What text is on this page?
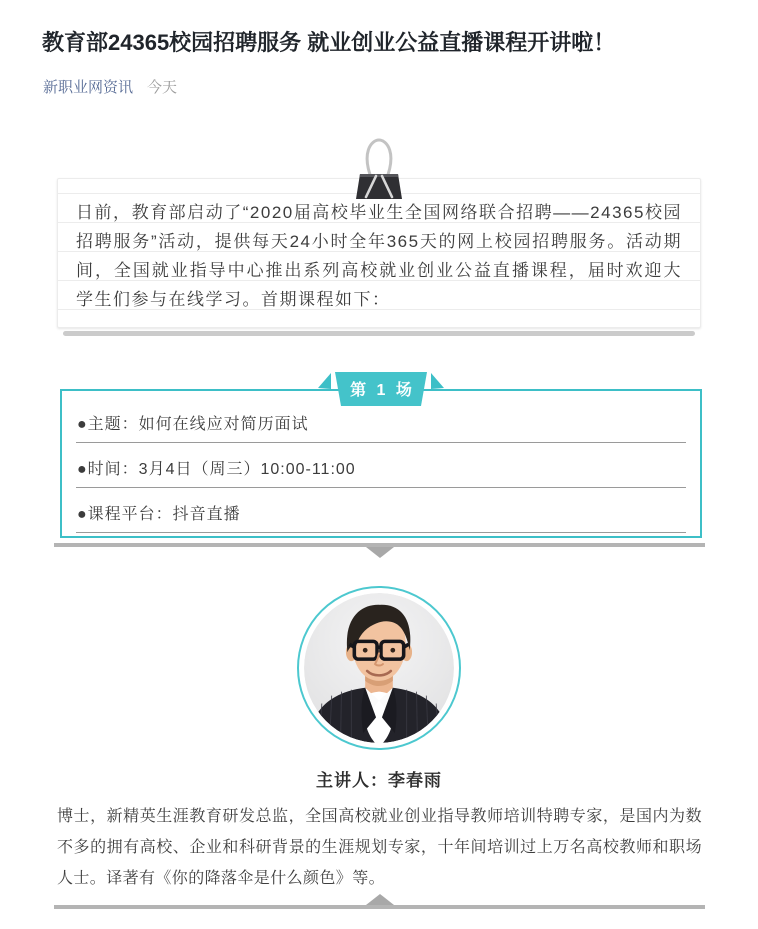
教育部24365校园招聘服务 就业创业公益直播课程开讲啦！
新职业网资讯 今天

日前，教育部启动了“2020届高校毕业生全国网络联合招聘——24365校园招聘服务”活动，提供每天24小时全年365天的网上校园招聘服务。活动期间，全国就业指导中心推出系列高校就业创业公益直播课程，届时欢迎大学生们参与在线学习。首期课程如下：

第 1 场
●主题：如何在线应对简历面试
●时间：3月4日（周三）10:00-11:00
●课程平台：抖音直播
主讲人：李春雨

博士，新精英生涯教育研发总监，全国高校就业创业指导教师培训特聘专家，是国内为数不多的拥有高校、企业和科研背景的生涯规划专家，十年间培训过上万名高校教师和职场人士。译著有《你的降落伞是什么颜色》等。
